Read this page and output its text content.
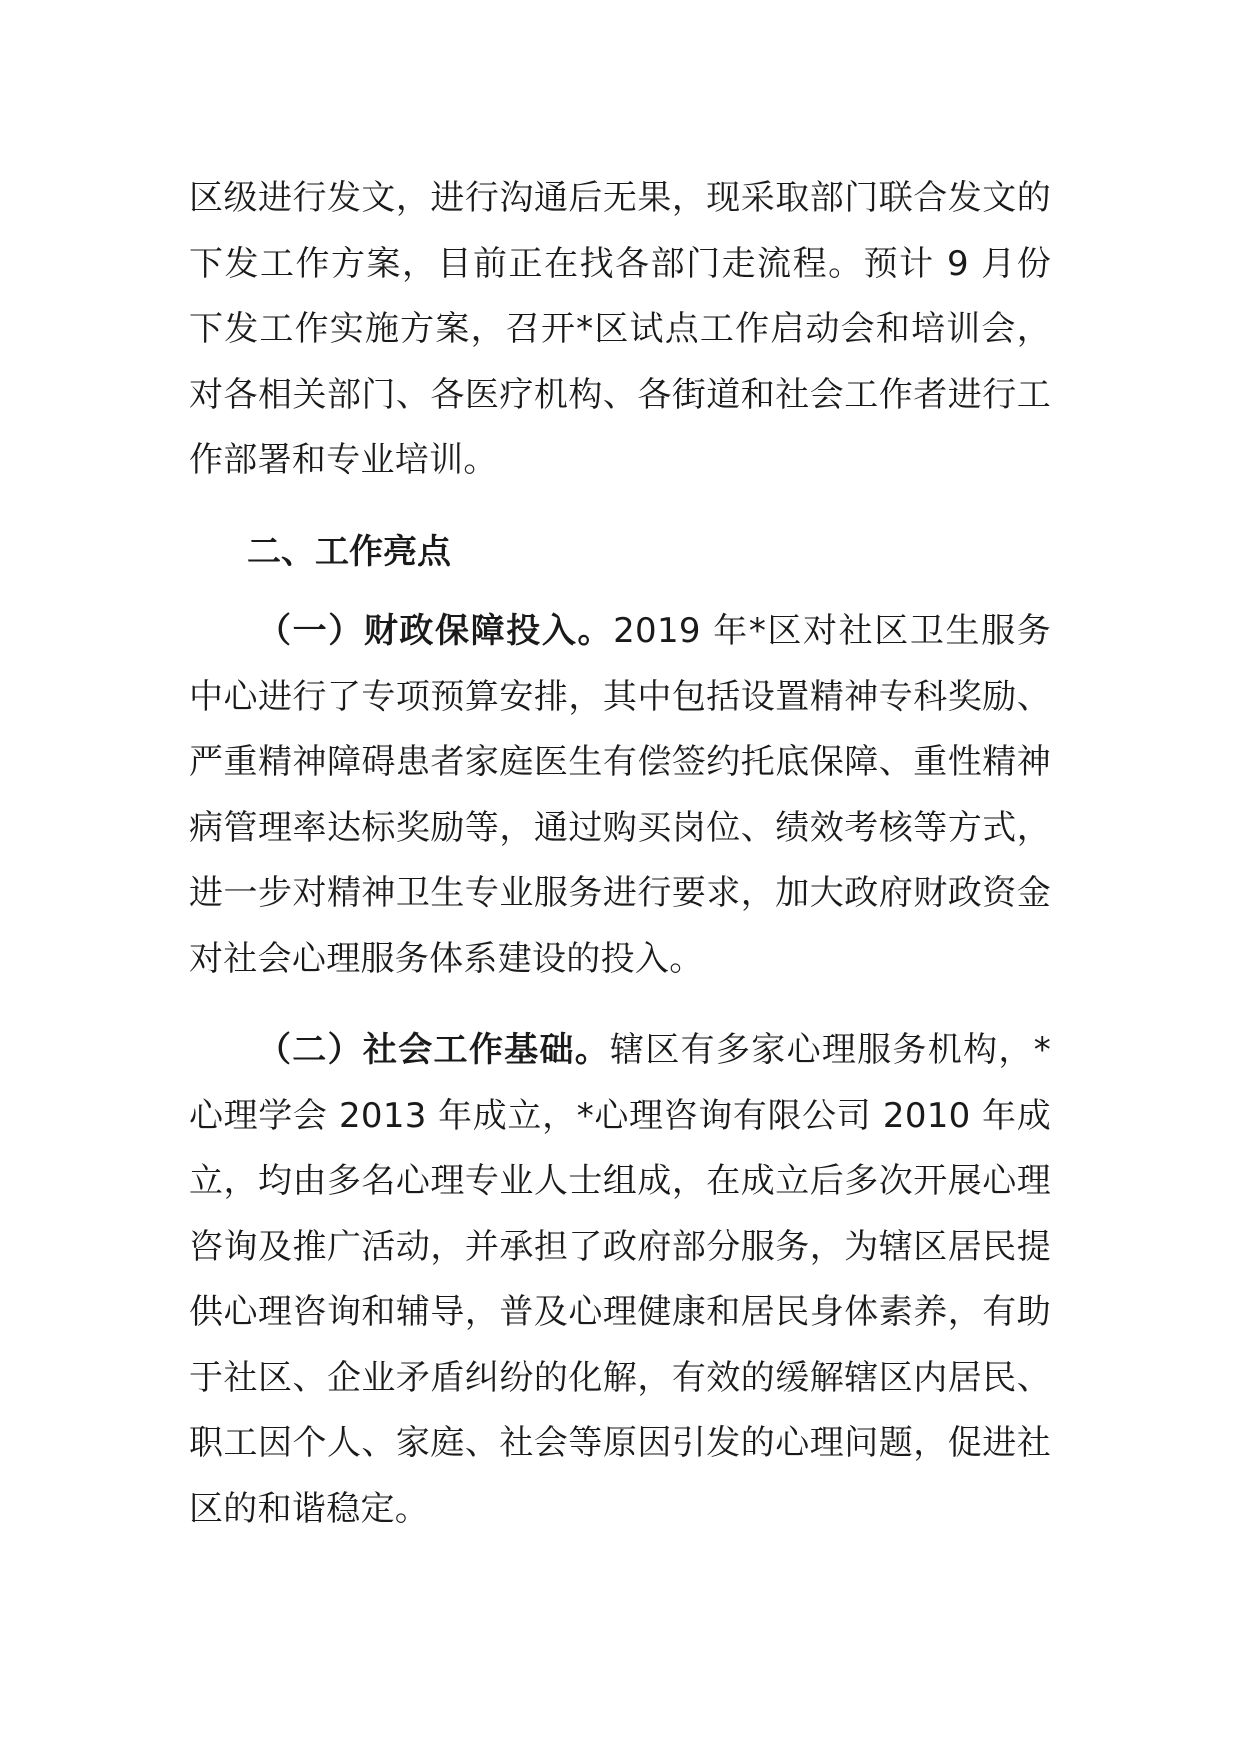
区级进行发文，进行沟通后无果，现采取部门联合发文的下发工作方案，目前正在找各部门走流程。预计 9 月份下发工作实施方案，召开*区试点工作启动会和培训会，对各相关部门、各医疗机构、各街道和社会工作者进行工作部署和专业培训。

二、工作亮点

（一）财政保障投入。2019 年*区对社区卫生服务中心进行了专项预算安排，其中包括设置精神专科奖励、严重精神障碍患者家庭医生有偿签约托底保障、重性精神病管理率达标奖励等，通过购买岗位、绩效考核等方式，进一步对精神卫生专业服务进行要求，加大政府财政资金对社会心理服务体系建设的投入。

（二）社会工作基础。辖区有多家心理服务机构，*心理学会 2013 年成立，*心理咨询有限公司 2010 年成立，均由多名心理专业人士组成，在成立后多次开展心理咨询及推广活动，并承担了政府部分服务，为辖区居民提供心理咨询和辅导，普及心理健康和居民身体素养，有助于社区、企业矛盾纠纷的化解，有效的缓解辖区内居民、职工因个人、家庭、社会等原因引发的心理问题，促进社区的和谐稳定。
